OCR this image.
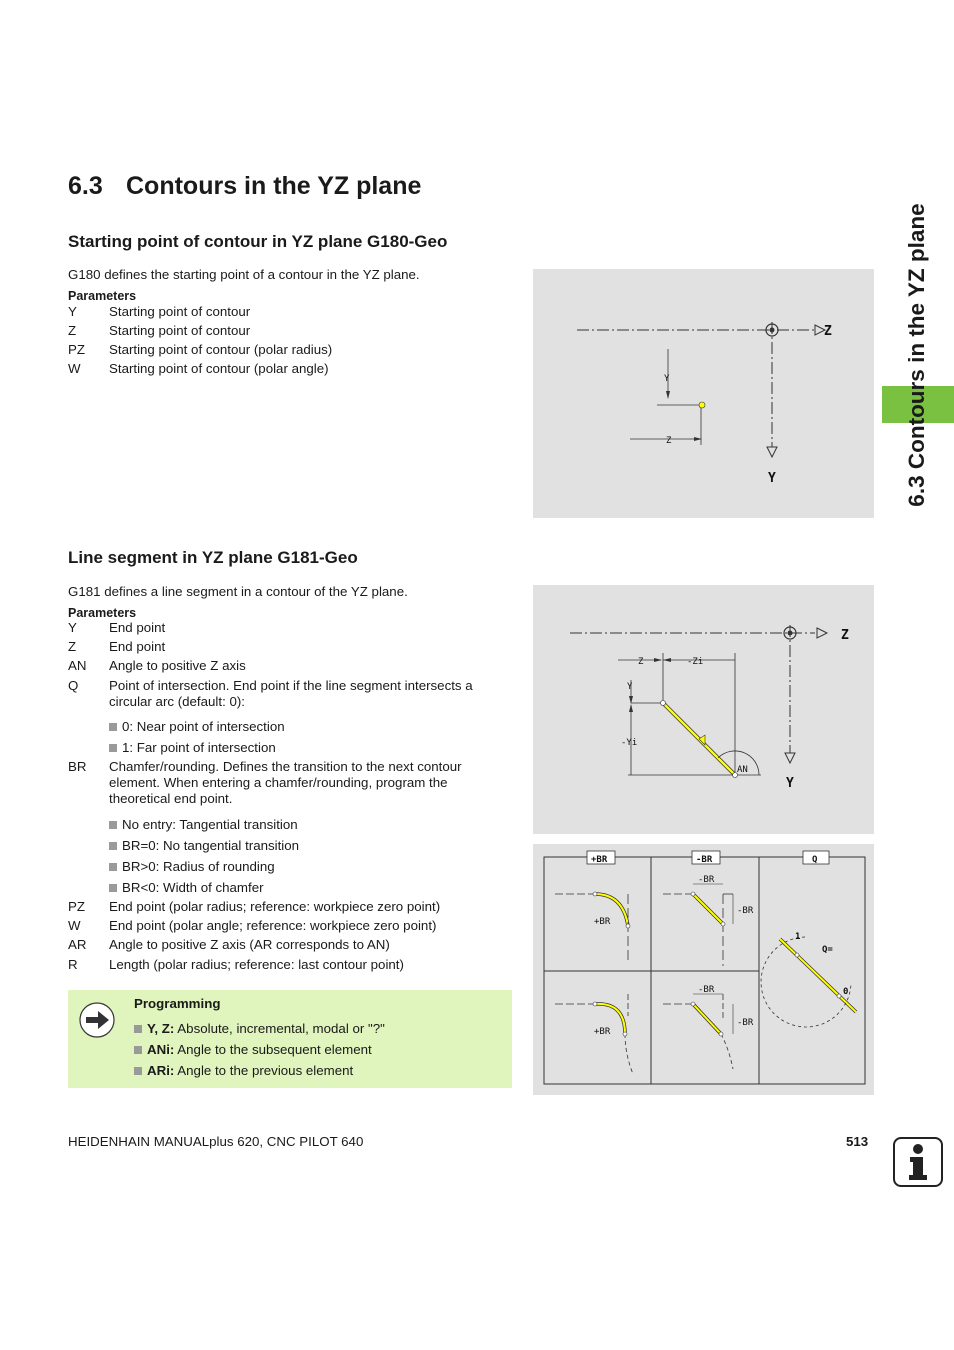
6.3 Contours in the YZ plane
6.3 Contours in the YZ plane
Starting point of contour in YZ plane G180-Geo
G180 defines the starting point of a contour in the YZ plane.
Parameters
Y Starting point of contour
Z Starting point of contour
PZ Starting point of contour (polar radius)
W Starting point of contour (polar angle)
Z
Y
Y
Z
Line segment in YZ plane G181-Geo
G181 defines a line segment in a contour of the YZ plane.
Parameters
Y End point
Z End point
AN Angle to positive Z axis
Q Point of intersection. End point if the line segment intersects a circular arc (default: 0):
0: Near point of intersection
1: Far point of intersection
BR Chamfer/rounding. Defines the transition to the next contour element. When entering a chamfer/rounding, program the theoretical end point.
No entry: Tangential transition
BR=0: No tangential transition
BR>0: Radius of rounding
BR<0: Width of chamfer
PZ End point (polar radius; reference: workpiece zero point)
W End point (polar angle; reference: workpiece zero point)
AR Angle to positive Z axis (AR corresponds to AN)
R Length (polar radius; reference: last contour point)
Z
Y
Z	-Zi
Y
-Yi
AN
+BR	-BR	Q
+BR
-BR
-BR
1
Q=
0
+BR
-BR
-BR
Programming
Y, Z: Absolute, incremental, modal or "?"
ANi: Angle to the subsequent element
ARi: Angle to the previous element
HEIDENHAIN MANUALplus 620, CNC PILOT 640	513
